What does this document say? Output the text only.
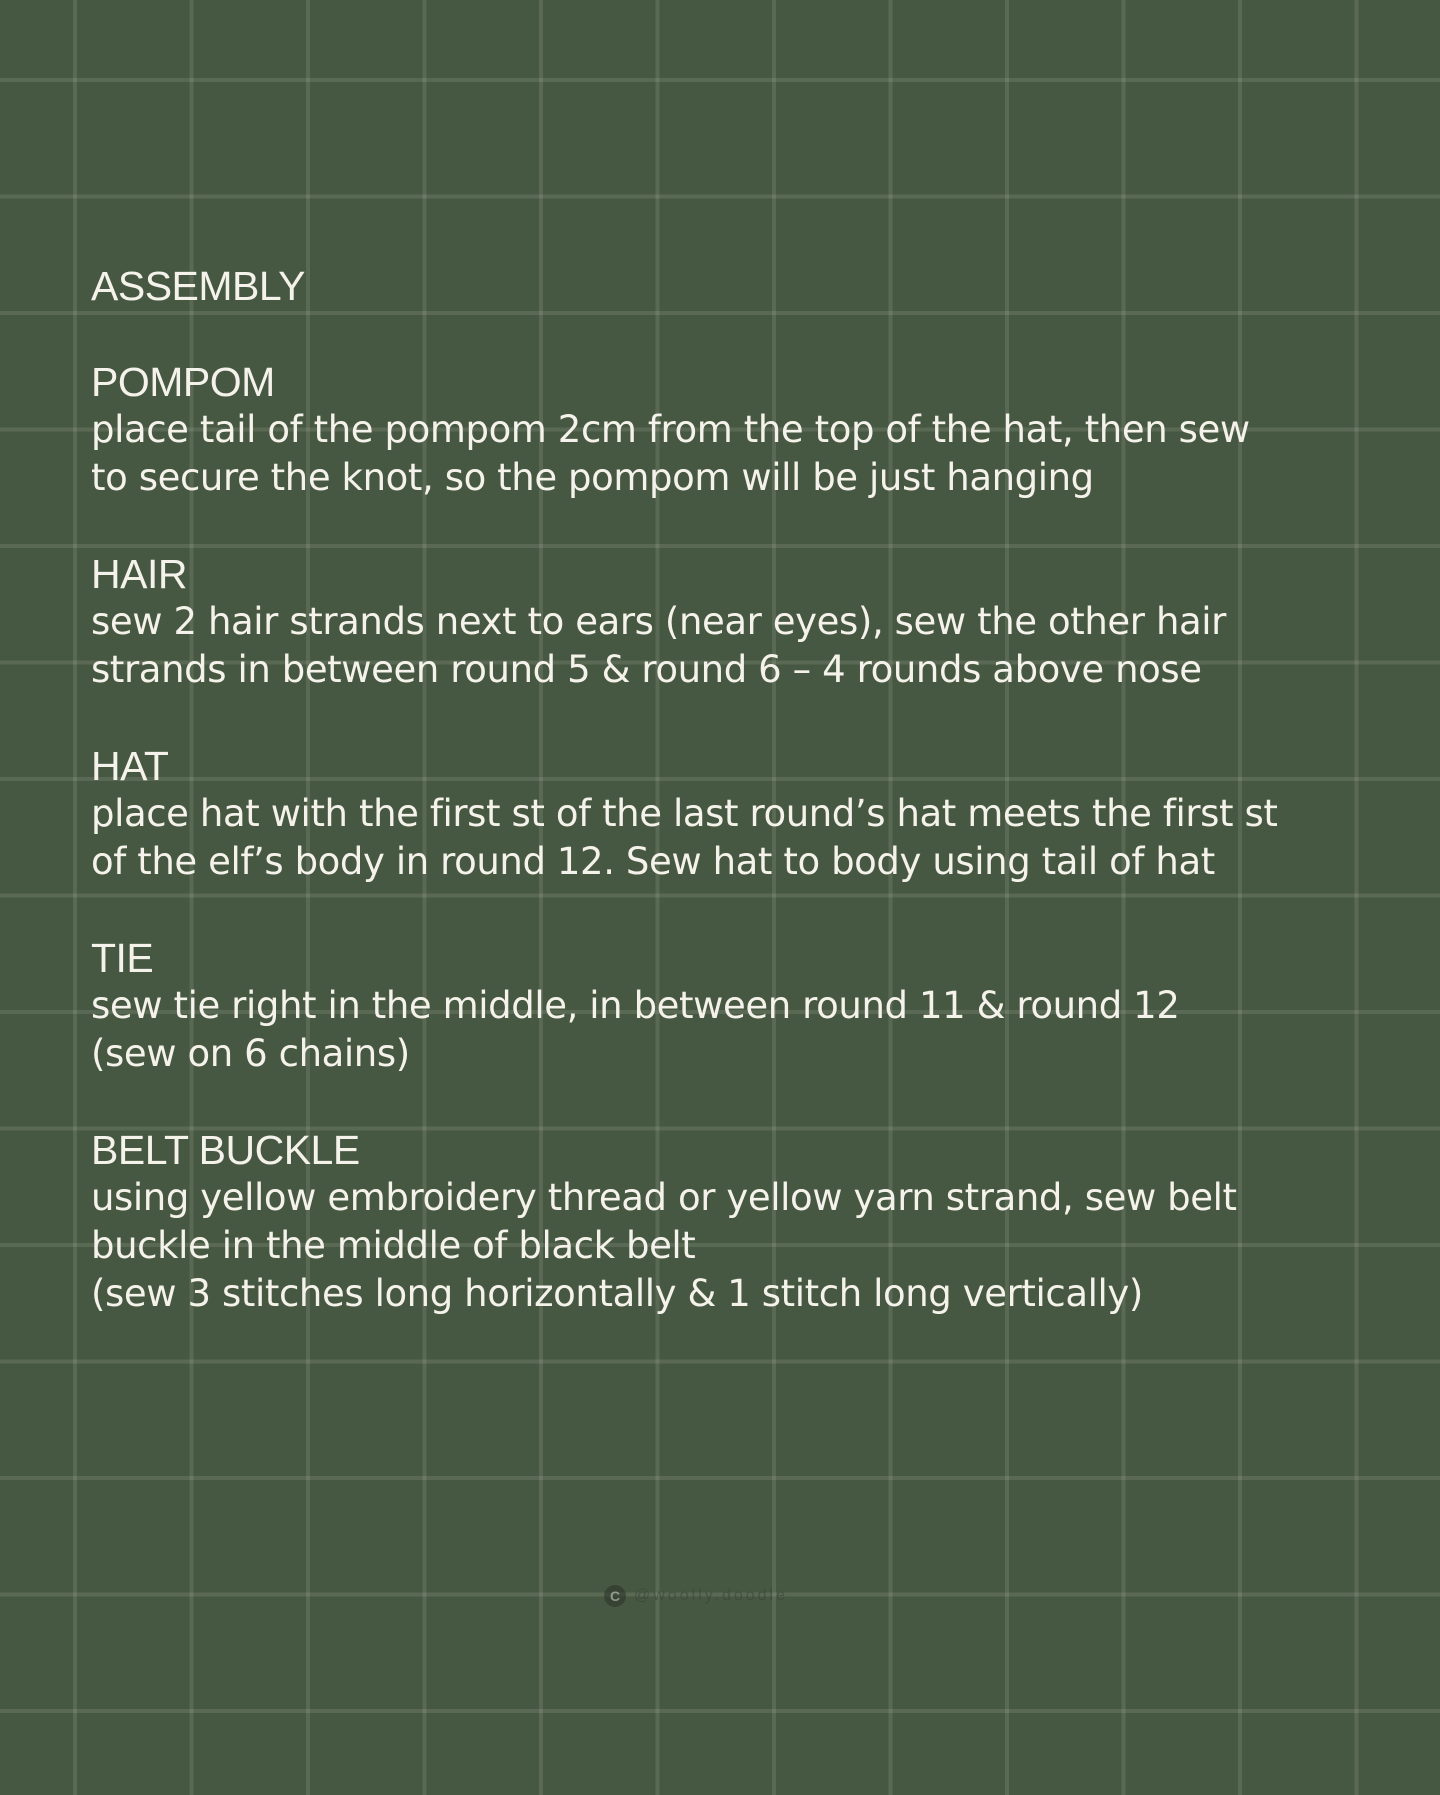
ASSEMBLY
POMPOM

place tail of the pompom 2cm from the top of the hat, then sew

to secure the knot, so the pompom will be just hanging

HAIR

sew 2 hair strands next to ears (near eyes), sew the other hair

strands in between round 5 & round 6 – 4 rounds above nose

HAT

place hat with the first st of the last round’s hat meets the first st

of the elf’s body in round 12. Sew hat to body using tail of hat

TIE

sew tie right in the middle, in between round 11 & round 12

(sew on 6 chains)

BELT BUCKLE

using yellow embroidery thread or yellow yarn strand, sew belt

buckle in the middle of black belt

(sew 3 stitches long horizontally & 1 stitch long vertically)

C @woolly.doodle
